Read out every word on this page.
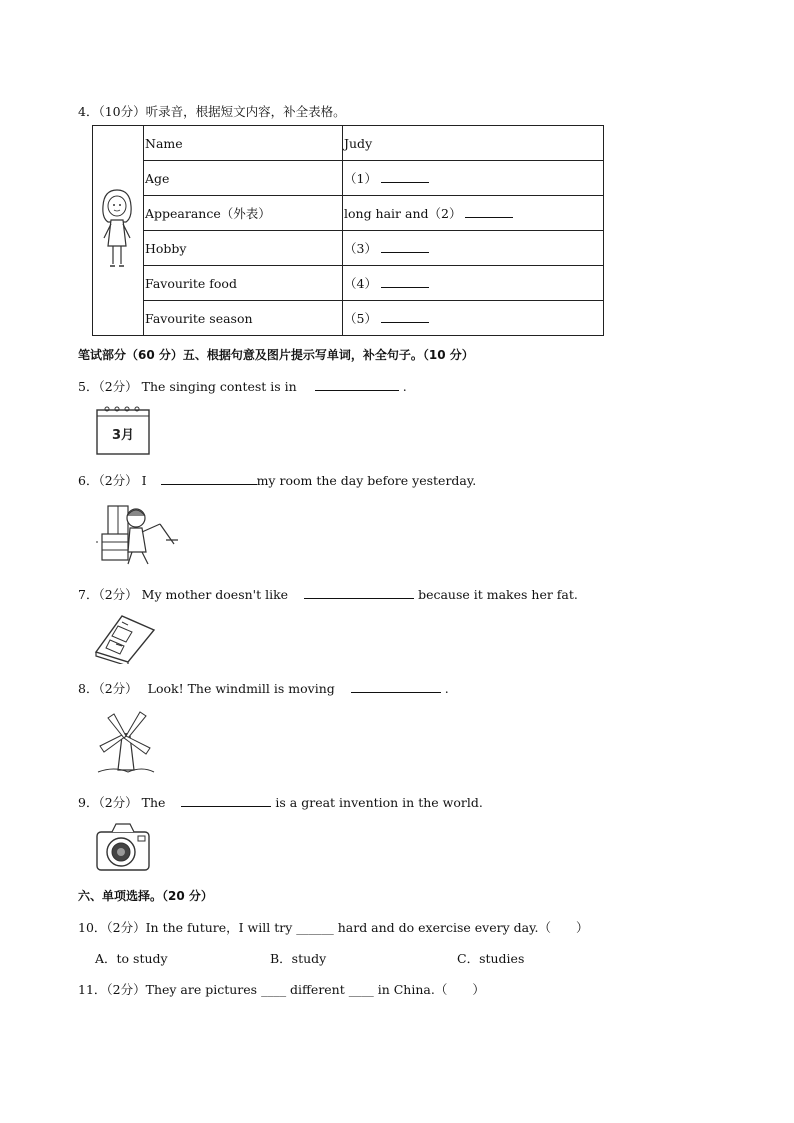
4．（10分）听录音，根据短文内容，补全表格。
	Name	Judy
	Age	（1）
	Appearance（外表）	long hair and（2）
	Hobby	（3）
	Favourite food	（4）
	Favourite season	（5）
笔试部分（60 分）五、根据句意及图片提示写单词，补全句子。（10 分）
5．（2分） The singing contest is in	.
3月
6．（2分） I	my room the day before yesterday.
7．（2分） My mother doesn't like	because it makes her fat.
8．（2分） Look! The windmill is moving	.
9．（2分） The	is a great invention in the world.
六、单项选择。（20 分）
10．（2分）In the future，I will try ______ hard and do exercise every day.（　　）
A．to study	B．study	C．studies
11．（2分）They are pictures ____ different ____ in China.（　　）
